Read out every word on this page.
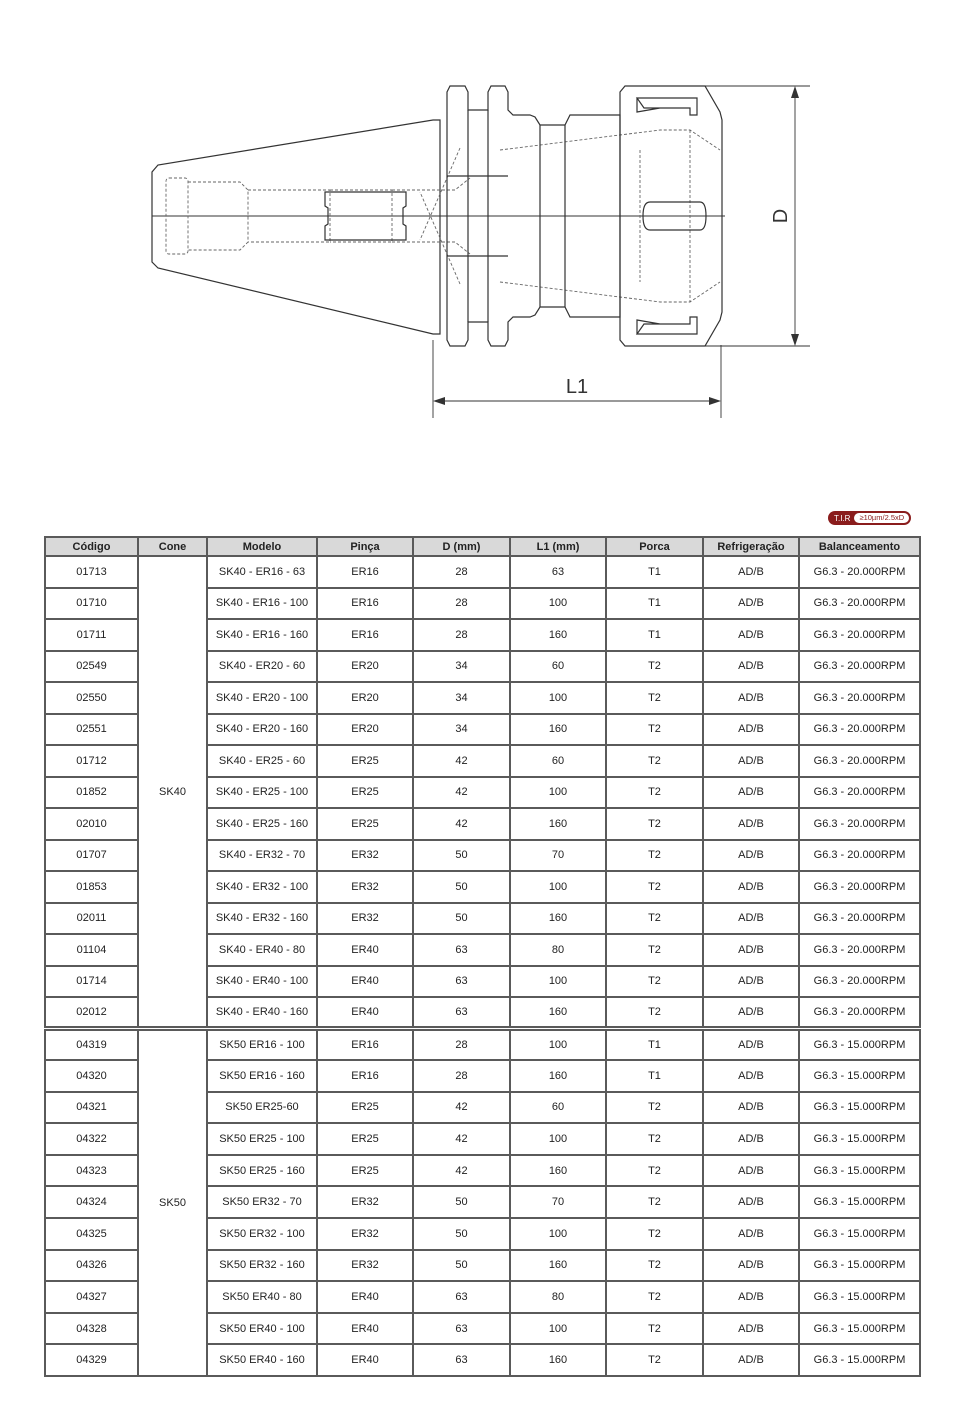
D
L1
T.I.R	≥10µm/2.5xD
Código	Cone	Modelo	Pinça	D (mm)	L1 (mm)	Porca	Refrigeração	Balanceamento
01713	SK40	SK40 - ER16 - 63	ER16	28	63	T1	AD/B	G6.3 - 20.000RPM
01710		SK40 - ER16 - 100	ER16	28	100	T1	AD/B	G6.3 - 20.000RPM
01711		SK40 - ER16 - 160	ER16	28	160	T1	AD/B	G6.3 - 20.000RPM
02549		SK40 - ER20 - 60	ER20	34	60	T2	AD/B	G6.3 - 20.000RPM
02550		SK40 - ER20 - 100	ER20	34	100	T2	AD/B	G6.3 - 20.000RPM
02551		SK40 - ER20 - 160	ER20	34	160	T2	AD/B	G6.3 - 20.000RPM
01712		SK40 - ER25 - 60	ER25	42	60	T2	AD/B	G6.3 - 20.000RPM
01852		SK40 - ER25 - 100	ER25	42	100	T2	AD/B	G6.3 - 20.000RPM
02010		SK40 - ER25 - 160	ER25	42	160	T2	AD/B	G6.3 - 20.000RPM
01707		SK40 - ER32 - 70	ER32	50	70	T2	AD/B	G6.3 - 20.000RPM
01853		SK40 - ER32 - 100	ER32	50	100	T2	AD/B	G6.3 - 20.000RPM
02011		SK40 - ER32 - 160	ER32	50	160	T2	AD/B	G6.3 - 20.000RPM
01104		SK40 - ER40 - 80	ER40	63	80	T2	AD/B	G6.3 - 20.000RPM
01714		SK40 - ER40 - 100	ER40	63	100	T2	AD/B	G6.3 - 20.000RPM
02012		SK40 - ER40 - 160	ER40	63	160	T2	AD/B	G6.3 - 20.000RPM
04319	SK50	SK50 ER16 - 100	ER16	28	100	T1	AD/B	G6.3 - 15.000RPM
04320		SK50 ER16 - 160	ER16	28	160	T1	AD/B	G6.3 - 15.000RPM
04321		SK50 ER25-60	ER25	42	60	T2	AD/B	G6.3 - 15.000RPM
04322		SK50 ER25 - 100	ER25	42	100	T2	AD/B	G6.3 - 15.000RPM
04323		SK50 ER25 - 160	ER25	42	160	T2	AD/B	G6.3 - 15.000RPM
04324		SK50 ER32 - 70	ER32	50	70	T2	AD/B	G6.3 - 15.000RPM
04325		SK50 ER32 - 100	ER32	50	100	T2	AD/B	G6.3 - 15.000RPM
04326		SK50 ER32 - 160	ER32	50	160	T2	AD/B	G6.3 - 15.000RPM
04327		SK50 ER40 - 80	ER40	63	80	T2	AD/B	G6.3 - 15.000RPM
04328		SK50 ER40 - 100	ER40	63	100	T2	AD/B	G6.3 - 15.000RPM
04329		SK50 ER40 - 160	ER40	63	160	T2	AD/B	G6.3 - 15.000RPM
